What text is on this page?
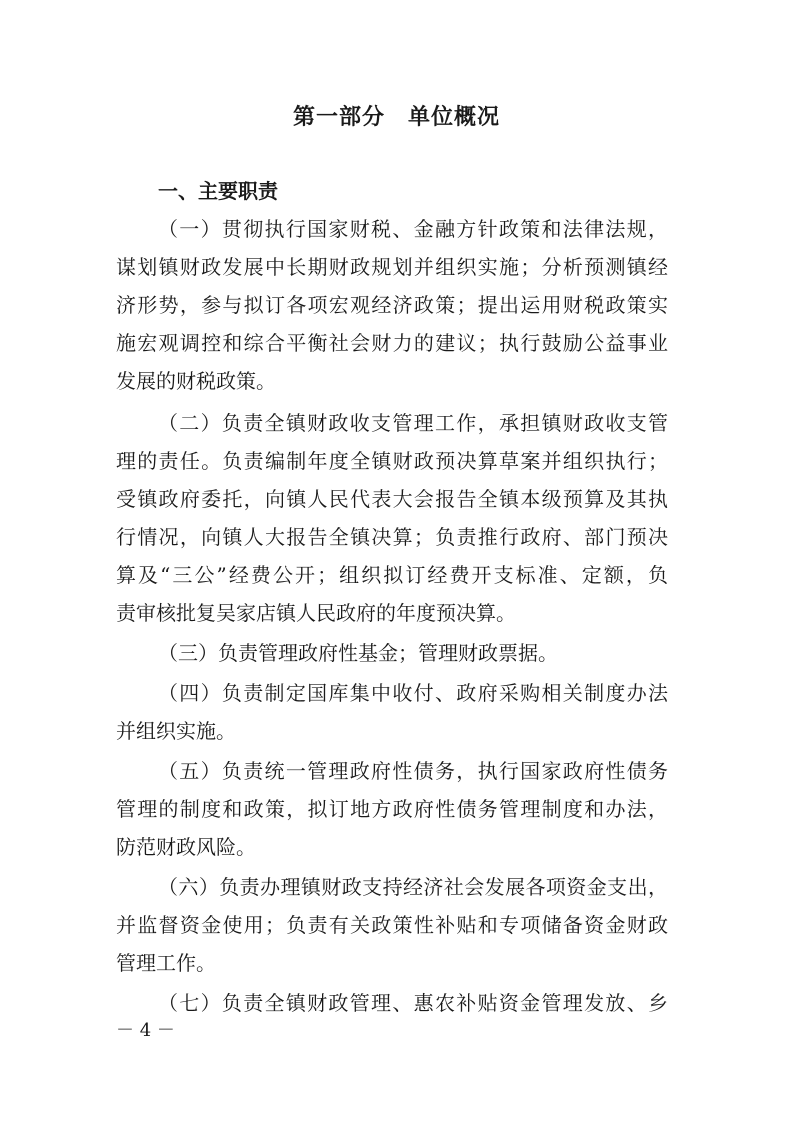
第一部分　单位概况
一、主要职责
（一）贯彻执行国家财税、金融方针政策和法律法规，
谋划镇财政发展中长期财政规划并组织实施；分析预测镇经
济形势，参与拟订各项宏观经济政策；提出运用财税政策实
施宏观调控和综合平衡社会财力的建议；执行鼓励公益事业
发展的财税政策。
（二）负责全镇财政收支管理工作，承担镇财政收支管
理的责任。负责编制年度全镇财政预决算草案并组织执行；
受镇政府委托，向镇人民代表大会报告全镇本级预算及其执
行情况，向镇人大报告全镇决算；负责推行政府、部门预决
算及“三公”经费公开；组织拟订经费开支标准、定额，负
责审核批复吴家店镇人民政府的年度预决算。
（三）负责管理政府性基金；管理财政票据。
（四）负责制定国库集中收付、政府采购相关制度办法
并组织实施。
（五）负责统一管理政府性债务，执行国家政府性债务
管理的制度和政策，拟订地方政府性债务管理制度和办法，
防范财政风险。
（六）负责办理镇财政支持经济社会发展各项资金支出，
并监督资金使用；负责有关政策性补贴和专项储备资金财政
管理工作。
（七）负责全镇财政管理、惠农补贴资金管理发放、乡
－ 4 －
